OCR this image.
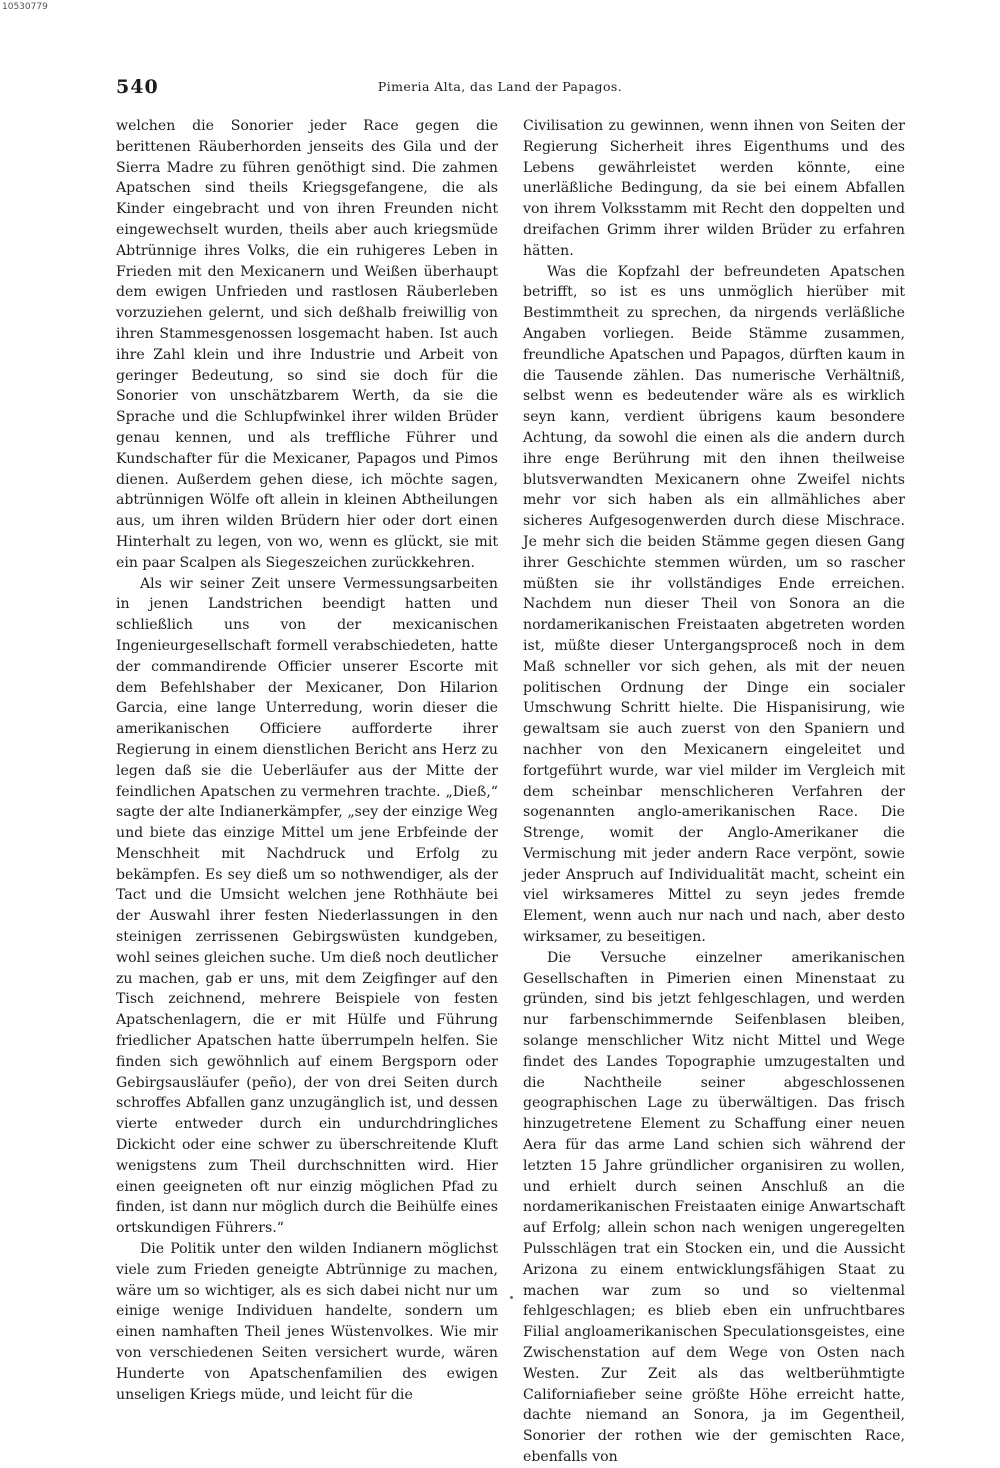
10530779
540	Pimeria Alta, das Land der Papagos.

welchen die Sonorier jeder Race gegen die berittenen Räuberhorden jenseits des Gila und der Sierra Madre zu führen genöthigt sind. Die zahmen Apatschen sind theils Kriegsgefangene, die als Kinder eingebracht und von ihren Freunden nicht eingewechselt wurden, theils aber auch kriegsmüde Abtrünnige ihres Volks, die ein ruhigeres Leben in Frieden mit den Mexicanern und Weißen überhaupt dem ewigen Unfrieden und rastlosen Räuberleben vorzuziehen gelernt, und sich deßhalb freiwillig von ihren Stammesgenossen losgemacht haben. Ist auch ihre Zahl klein und ihre Industrie und Arbeit von geringer Bedeutung, so sind sie doch für die Sonorier von unschätzbarem Werth, da sie die Sprache und die Schlupfwinkel ihrer wilden Brüder genau kennen, und als treffliche Führer und Kundschafter für die Mexicaner, Papagos und Pimos dienen. Außerdem gehen diese, ich möchte sagen, abtrünnigen Wölfe oft allein in kleinen Abtheilungen aus, um ihren wilden Brüdern hier oder dort einen Hinterhalt zu legen, von wo, wenn es glückt, sie mit ein paar Scalpen als Siegeszeichen zurückkehren.

Als wir seiner Zeit unsere Vermessungsarbeiten in jenen Landstrichen beendigt hatten und schließlich uns von der mexicanischen Ingenieurgesellschaft formell verabschiedeten, hatte der commandirende Officier unserer Escorte mit dem Befehlshaber der Mexicaner, Don Hilarion Garcia, eine lange Unterredung, worin dieser die amerikanischen Officiere aufforderte ihrer Regierung in einem dienstlichen Bericht ans Herz zu legen daß sie die Ueberläufer aus der Mitte der feindlichen Apatschen zu vermehren trachte. „Dieß,“ sagte der alte Indianerkämpfer, „sey der einzige Weg und biete das einzige Mittel um jene Erbfeinde der Menschheit mit Nachdruck und Erfolg zu bekämpfen. Es sey dieß um so nothwendiger, als der Tact und die Umsicht welchen jene Rothhäute bei der Auswahl ihrer festen Niederlassungen in den steinigen zerrissenen Gebirgswüsten kundgeben, wohl seines gleichen suche. Um dieß noch deutlicher zu machen, gab er uns, mit dem Zeigfinger auf den Tisch zeichnend, mehrere Beispiele von festen Apatschenlagern, die er mit Hülfe und Führung friedlicher Apatschen hatte überrumpeln helfen. Sie finden sich gewöhnlich auf einem Bergsporn oder Gebirgsausläufer (peño), der von drei Seiten durch schroffes Abfallen ganz unzugänglich ist, und dessen vierte entweder durch ein undurchdringliches Dickicht oder eine schwer zu überschreitende Kluft wenigstens zum Theil durchschnitten wird. Hier einen geeigneten oft nur einzig möglichen Pfad zu finden, ist dann nur möglich durch die Beihülfe eines ortskundigen Führers.“

Die Politik unter den wilden Indianern möglichst viele zum Frieden geneigte Abtrünnige zu machen, wäre um so wichtiger, als es sich dabei nicht nur um einige wenige Individuen handelte, sondern um einen namhaften Theil jenes Wüstenvolkes. Wie mir von verschiedenen Seiten versichert wurde, wären Hunderte von Apatschenfamilien des ewigen unseligen Kriegs müde, und leicht für die

Civilisation zu gewinnen, wenn ihnen von Seiten der Regierung Sicherheit ihres Eigenthums und des Lebens gewährleistet werden könnte, eine unerläßliche Bedingung, da sie bei einem Abfallen von ihrem Volksstamm mit Recht den doppelten und dreifachen Grimm ihrer wilden Brüder zu erfahren hätten.

Was die Kopfzahl der befreundeten Apatschen betrifft, so ist es uns unmöglich hierüber mit Bestimmtheit zu sprechen, da nirgends verläßliche Angaben vorliegen. Beide Stämme zusammen, freundliche Apatschen und Papagos, dürften kaum in die Tausende zählen. Das numerische Verhältniß, selbst wenn es bedeutender wäre als es wirklich seyn kann, verdient übrigens kaum besondere Achtung, da sowohl die einen als die andern durch ihre enge Berührung mit den ihnen theilweise blutsverwandten Mexicanern ohne Zweifel nichts mehr vor sich haben als ein allmähliches aber sicheres Aufgesogenwerden durch diese Mischrace. Je mehr sich die beiden Stämme gegen diesen Gang ihrer Geschichte stemmen würden, um so rascher müßten sie ihr vollständiges Ende erreichen. Nachdem nun dieser Theil von Sonora an die nordamerikanischen Freistaaten abgetreten worden ist, müßte dieser Untergangsproceß noch in dem Maß schneller vor sich gehen, als mit der neuen politischen Ordnung der Dinge ein socialer Umschwung Schritt hielte. Die Hispanisirung, wie gewaltsam sie auch zuerst von den Spaniern und nachher von den Mexicanern eingeleitet und fortgeführt wurde, war viel milder im Vergleich mit dem scheinbar menschlicheren Verfahren der sogenannten anglo-amerikanischen Race. Die Strenge, womit der Anglo-Amerikaner die Vermischung mit jeder andern Race verpönt, sowie jeder Anspruch auf Individualität macht, scheint ein viel wirksameres Mittel zu seyn jedes fremde Element, wenn auch nur nach und nach, aber desto wirksamer, zu beseitigen.

Die Versuche einzelner amerikanischen Gesellschaften in Pimerien einen Minenstaat zu gründen, sind bis jetzt fehlgeschlagen, und werden nur farbenschimmernde Seifenblasen bleiben, solange menschlicher Witz nicht Mittel und Wege findet des Landes Topographie umzugestalten und die Nachtheile seiner abgeschlossenen geographischen Lage zu überwältigen. Das frisch hinzugetretene Element zu Schaffung einer neuen Aera für das arme Land schien sich während der letzten 15 Jahre gründlicher organisiren zu wollen, und erhielt durch seinen Anschluß an die nordamerikanischen Freistaaten einige Anwartschaft auf Erfolg; allein schon nach wenigen ungeregelten Pulsschlägen trat ein Stocken ein, und die Aussicht Arizona zu einem entwicklungsfähigen Staat zu machen war zum so und so vieltenmal fehlgeschlagen; es blieb eben ein unfruchtbares Filial angloamerikanischen Speculationsgeistes, eine Zwischenstation auf dem Wege von Osten nach Westen. Zur Zeit als das weltberühmtigte Californiafieber seine größte Höhe erreicht hatte, dachte niemand an Sonora, ja im Gegentheil, Sonorier der rothen wie der gemischten Race, ebenfalls von
